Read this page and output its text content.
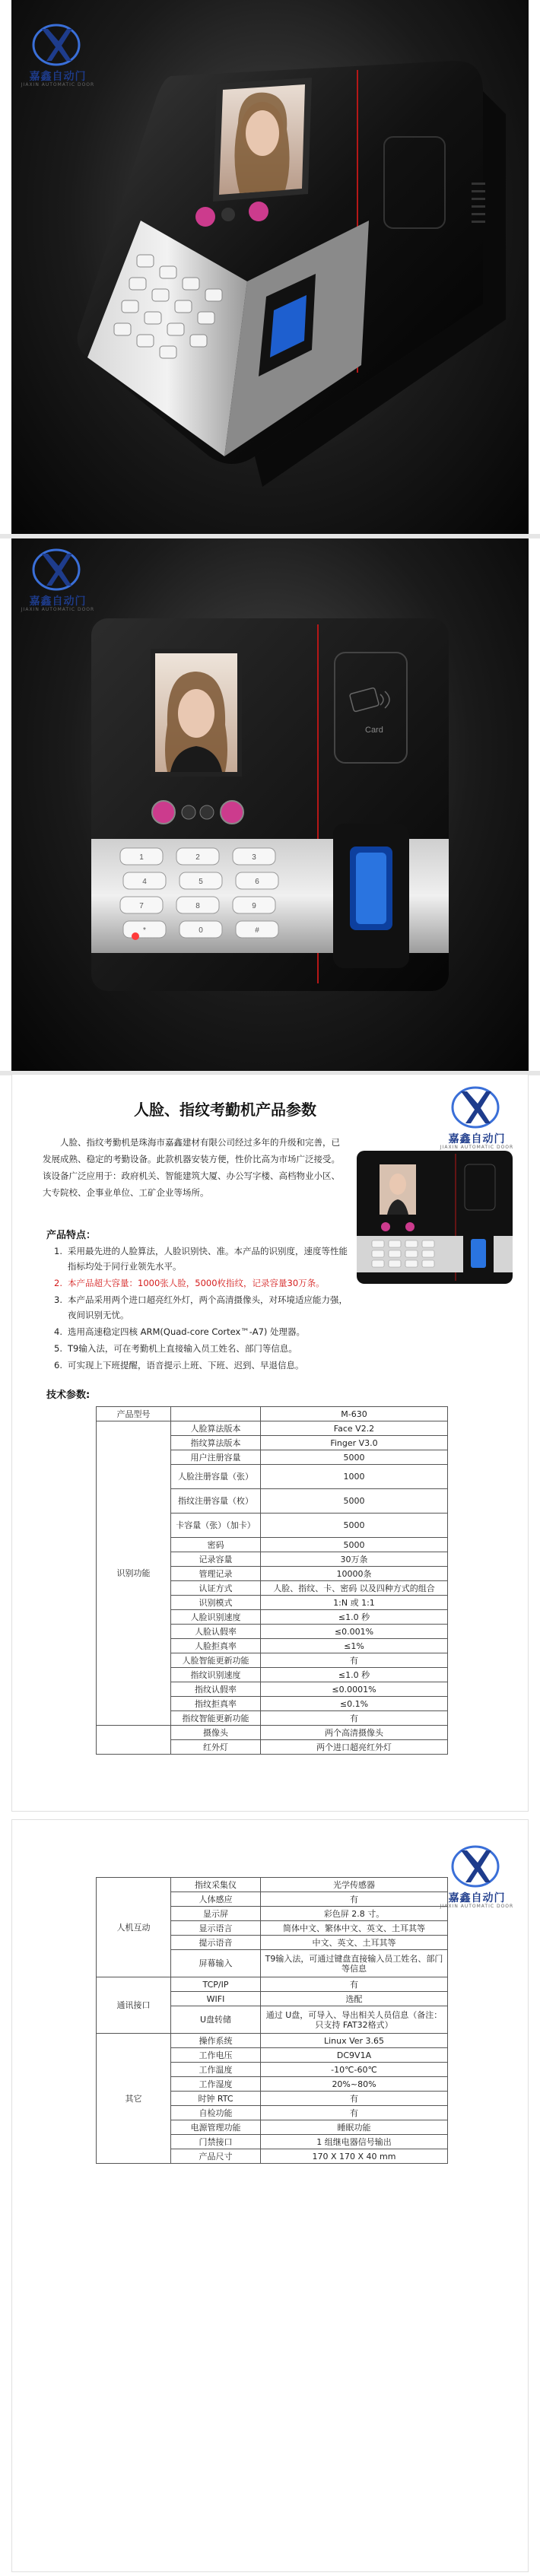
嘉鑫自动门
JIAXIN AUTOMATIC DOOR
嘉鑫自动门
JIAXIN AUTOMATIC DOOR
Card
1	2	3
4	5	6
7	8	9
*	0	#
人脸、指纹考勤机产品参数
嘉鑫自动门
JIAXIN AUTOMATIC DOOR
人脸、指纹考勤机是珠海市嘉鑫建材有限公司经过多年的升级和完善，已发展成熟、稳定的考勤设备。此款机器安装方便，性价比高为市场广泛接受。该设备广泛应用于：政府机关、智能建筑大厦、办公写字楼、高档物业小区、大专院校、企事业单位、工矿企业等场所。
产品特点：
1. 采用最先进的人脸算法，人脸识别快、准。本产品的识别度，速度等性能指标均处于同行业领先水平。
2. 本产品超大容量：1000张人脸，5000枚指纹，记录容量30万条。
3. 本产品采用两个进口超亮红外灯，两个高清摄像头，对环境适应能力强，夜间识别无忧。
4. 选用高速稳定四核 ARM(Quad-core Cortex™-A7) 处理器。
5. T9输入法，可在考勤机上直接输入员工姓名、部门等信息。
6. 可实现上下班提醒，语音提示上班、下班、迟到、早退信息。
技术参数:
产品型号		M-630
识别功能	人脸算法版本	Face V2.2
	指纹算法版本	Finger V3.0
	用户注册容量	5000
	人脸注册容量（张）	1000
	指纹注册容量（枚）	5000
	卡容量（张）（加卡）	5000
	密码	5000
	记录容量	30万条
	管理记录	10000条
	认证方式	人脸、指纹、卡、密码 以及四种方式的组合
	识别模式	1:N 或 1:1
	人脸识别速度	≤1.0 秒
	人脸认假率	≤0.001%
	人脸拒真率	≤1%
	人脸智能更新功能	有
	指纹识别速度	≤1.0 秒
	指纹认假率	≤0.0001%
	指纹拒真率	≤0.1%
	指纹智能更新功能	有
	摄像头	两个高清摄像头
	红外灯	两个进口超亮红外灯
嘉鑫自动门
JIAXIN AUTOMATIC DOOR
人机互动	指纹采集仪	光学传感器
	人体感应	有
	显示屏	彩色屏 2.8 寸。
	显示语言	简体中文、繁体中文、英文、土耳其等
	提示语音	中文、英文、土耳其等
	屏幕输入	T9输入法，可通过键盘直接输入员工姓名、部门等信息
通讯接口	TCP/IP	有
	WIFI	选配
	U盘转储	通过 U盘，可导入、导出相关人员信息（备注：只支持 FAT32格式）
其它	操作系统	Linux Ver 3.65
	工作电压	DC9V1A
	工作温度	-10℃-60℃
	工作湿度	20%~80%
	时钟 RTC	有
	自检功能	有
	电源管理功能	睡眠功能
	门禁接口	1 组继电器信号输出
	产品尺寸	170 X 170 X 40 mm
